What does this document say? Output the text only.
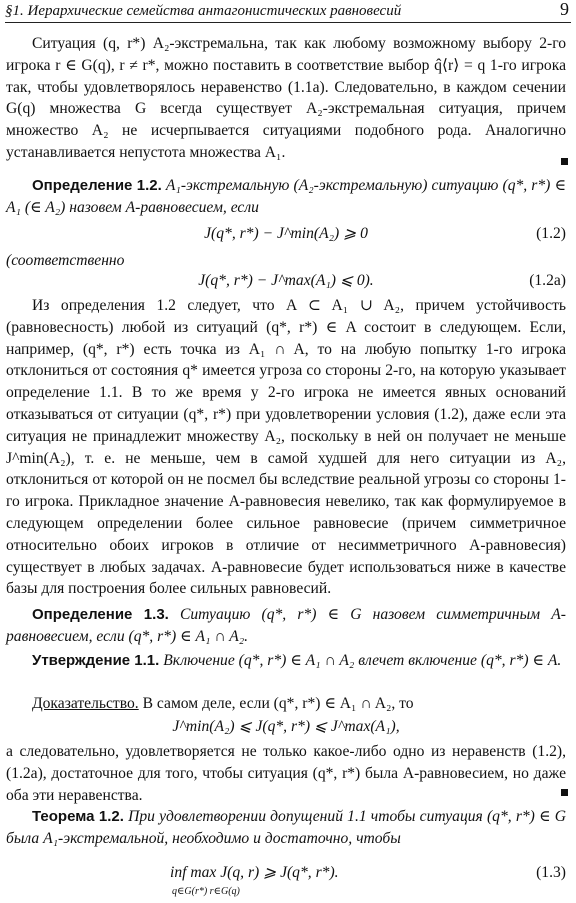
§1. Иерархические семейства антагонистических равновесий	9

Ситуация (q, r*) A₂-экстремальна, так как любому возможному выбору 2-го игрока r ∈ G(q), r ≠ r*, можно поставить в соответствие выбор q̂⟨r⟩ = q 1-го игрока так, чтобы удовлетворялось неравенство (1.1а). Следовательно, в каждом сечении G(q) множества G всегда существует A₂-экстремальная ситуация, причем множество A₂ не исчерпывается ситуациями подобного рода. Аналогично устанавливается непустота множества A₁.

Определение 1.2. A₁-экстремальную (A₂-экстремальную) ситуацию (q*, r*) ∈ A₁ (∈ A₂) назовем A-равновесием, если

J(q*, r*) − J^min(A₂) ⩾ 0	(1.2)
(соответственно
J(q*, r*) − J^max(A₁) ⩽ 0).	(1.2а)

Из определения 1.2 следует, что A ⊂ A₁ ∪ A₂, причем устойчивость (равновесность) любой из ситуаций (q*, r*) ∈ A состоит в следующем. Если, например, (q*, r*) есть точка из A₁ ∩ A, то на любую попытку 1-го игрока отклониться от состояния q* имеется угроза со стороны 2-го, на которую указывает определение 1.1. В то же время у 2-го игрока не имеется явных оснований отказываться от ситуации (q*, r*) при удовлетворении условия (1.2), даже если эта ситуация не принадлежит множеству A₂, поскольку в ней он получает не меньше J^min(A₂), т. е. не меньше, чем в самой худшей для него ситуации из A₂, отклониться от которой он не посмел бы вследствие реальной угрозы со стороны 1-го игрока. Прикладное значение A-равновесия невелико, так как формулируемое в следующем определении более сильное равновесие (причем симметричное относительно обоих игроков в отличие от несимметричного A-равновесия) существует в любых задачах. A-равновесие будет использоваться ниже в качестве базы для построения более сильных равновесий.

Определение 1.3. Ситуацию (q*, r*) ∈ G назовем симметричным A-равновесием, если (q*, r*) ∈ A₁ ∩ A₂.

Утверждение 1.1. Включение (q*, r*) ∈ A₁ ∩ A₂ влечет включение (q*, r*) ∈ A.

Доказательство. В самом деле, если (q*, r*) ∈ A₁ ∩ A₂, то

J^min(A₂) ⩽ J(q*, r*) ⩽ J^max(A₁),

а следовательно, удовлетворяется не только какое-либо одно из неравенств (1.2), (1.2а), достаточное для того, чтобы ситуация (q*, r*) была A-равновесием, но даже оба эти неравенства.

Теорема 1.2. При удовлетворении допущений 1.1 чтобы ситуация (q*, r*) ∈ G была A₁-экстремальной, необходимо и достаточно, чтобы

inf max J(q, r) ⩾ J(q*, r*).
q∈G(r*) r∈G(q)
(1.3)
